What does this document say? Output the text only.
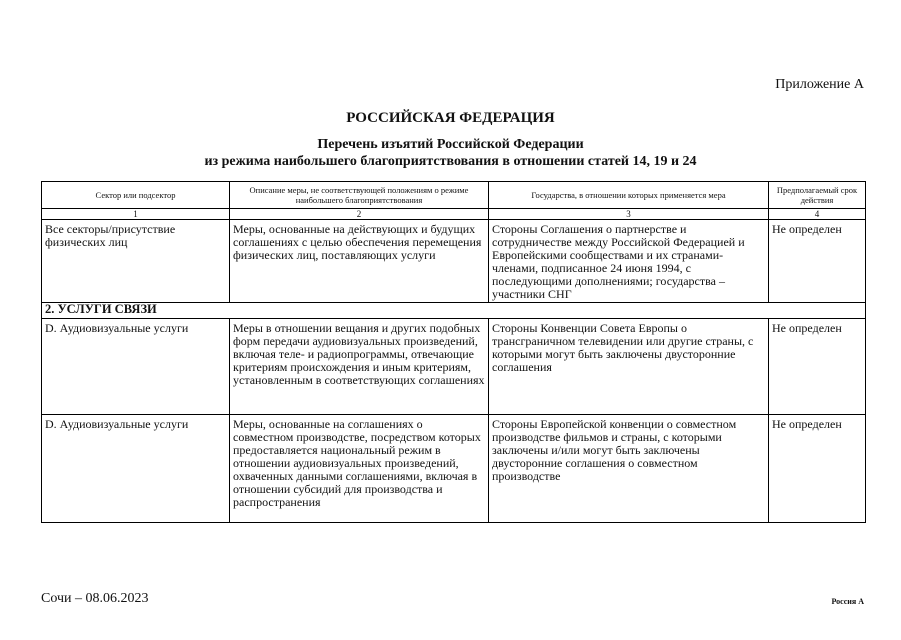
Приложение А
РОССИЙСКАЯ ФЕДЕРАЦИЯ
Перечень изъятий Российской Федерации
из режима наибольшего благоприятствования в отношении статей 14, 19 и 24
Сектор или подсектор	Описание меры, не соответствующей положениям о режиме наибольшего благоприятствования	Государства, в отношении которых применяется мера	Предполагаемый срок действия
1	2	3	4
Все секторы/присутствие физических лиц	Меры, основанные на действующих и будущих соглашениях с целью обеспечения перемещения физических лиц, поставляющих услуги	Стороны Соглашения о партнерстве и сотрудничестве между Российской Федерацией и Европейскими сообществами и их странами-членами, подписанное 24 июня 1994, с последующими дополнениями; государства – участники СНГ	Не определен
2. УСЛУГИ СВЯЗИ			
D. Аудиовизуальные услуги	Меры в отношении вещания и других подобных форм передачи аудиовизуальных произведений, включая теле- и радиопрограммы, отвечающие критериям происхождения и иным критериям, установленным в соответствующих соглашениях	Стороны Конвенции Совета Европы о трансграничном телевидении или другие страны, с которыми могут быть заключены двусторонние соглашения	Не определен
D. Аудиовизуальные услуги	Меры, основанные на соглашениях о совместном производстве, посредством которых предоставляется национальный режим в отношении аудиовизуальных произведений, охваченных данными соглашениями, включая в отношении субсидий для производства и распространения	Стороны Европейской конвенции о совместном производстве фильмов и страны, с которыми заключены и/или могут быть заключены двусторонние соглашения о совместном производстве	Не определен
Сочи – 08.06.2023	Россия А
